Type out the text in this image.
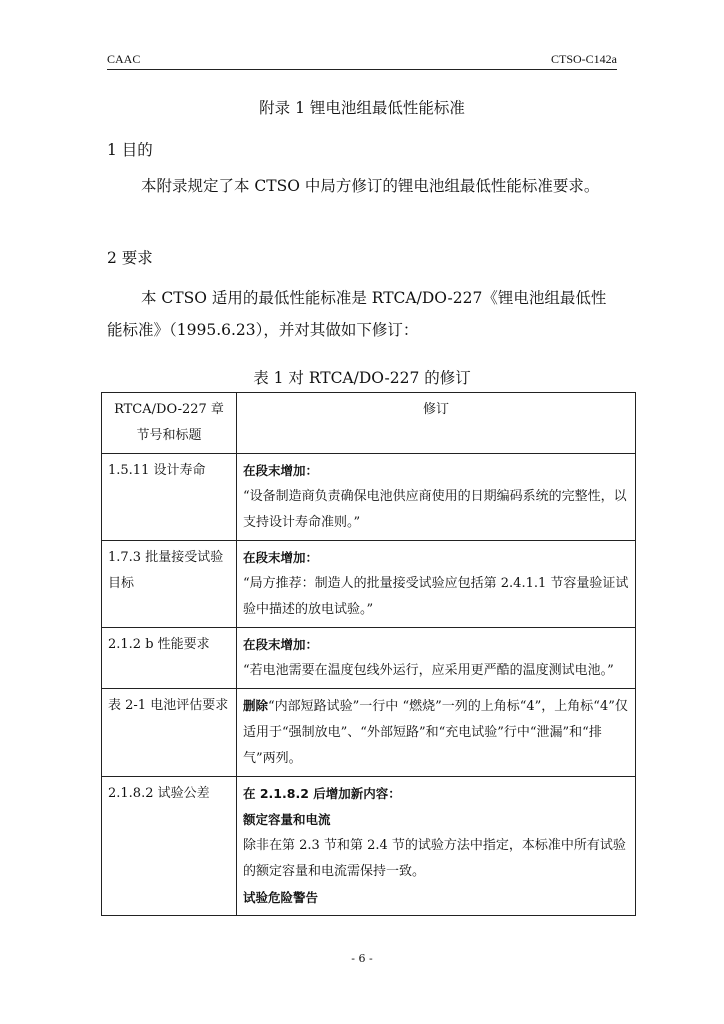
CAAC	CTSO-C142a
附录 1 锂电池组最低性能标准
1 目的
本附录规定了本 CTSO 中局方修订的锂电池组最低性能标准要求。
2 要求
本 CTSO 适用的最低性能标准是 RTCA/DO-227《锂电池组最低性能标准》（1995.6.23），并对其做如下修订：
表 1 对 RTCA/DO-227 的修订
RTCA/DO-227 章节号和标题	修订
1.5.11 设计寿命	在段末增加：
“设备制造商负责确保电池供应商使用的日期编码系统的完整性，以支持设计寿命准则。”

1.7.3 批量接受试验目标	在段末增加：
“局方推荐：制造人的批量接受试验应包括第 2.4.1.1 节容量验证试验中描述的放电试验。”

2.1.2 b 性能要求	在段末增加：
“若电池需要在温度包线外运行，应采用更严酷的温度测试电池。”

表 2-1 电池评估要求	删除“内部短路试验”一行中 “燃烧”一列的上角标“4”，上角标“4”仅适用于“强制放电”、“外部短路”和“充电试验”行中“泄漏”和“排气”两列。
2.1.8.2 试验公差	在 2.1.8.2 后增加新内容：
额定容量和电流
除非在第 2.3 节和第 2.4 节的试验方法中指定，本标准中所有试验的额定容量和电流需保持一致。
试验危险警告
- 6 -
